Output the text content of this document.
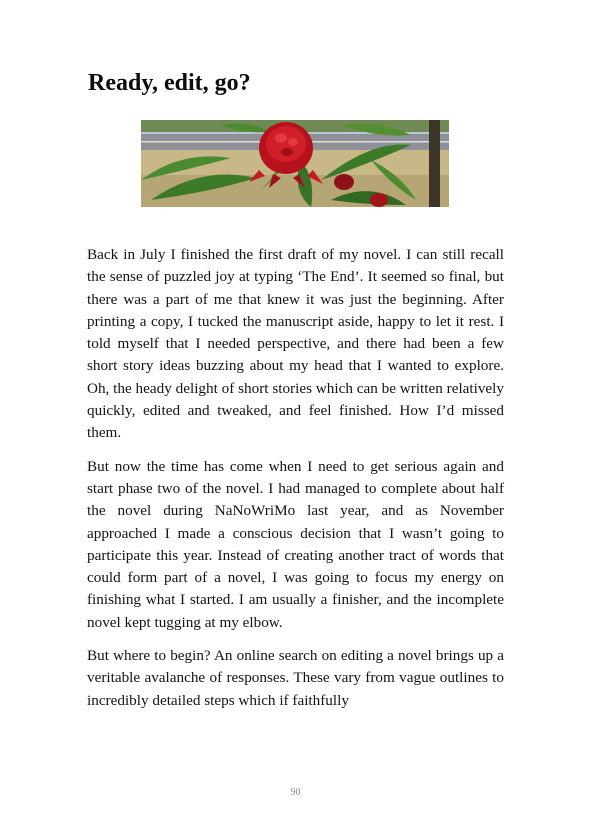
Ready, edit, go?

Back in July I finished the first draft of my novel. I can still recall the sense of puzzled joy at typing ‘The End’. It seemed so final, but there was a part of me that knew it was just the beginning. After printing a copy, I tucked the manuscript aside, happy to let it rest. I told myself that I needed perspective, and there had been a few short story ideas buzzing about my head that I wanted to explore. Oh, the heady delight of short stories which can be written relatively quickly, edited and tweaked, and feel finished. How I’d missed them.

But now the time has come when I need to get serious again and start phase two of the novel. I had managed to complete about half the novel during NaNoWriMo last year, and as November approached I made a conscious decision that I wasn’t going to participate this year. Instead of creating another tract of words that could form part of a novel, I was going to focus my energy on finishing what I started. I am usually a finisher, and the incomplete novel kept tugging at my elbow.

But where to begin? An online search on editing a novel brings up a veritable avalanche of responses. These vary from vague outlines to incredibly detailed steps which if faithfully

90
